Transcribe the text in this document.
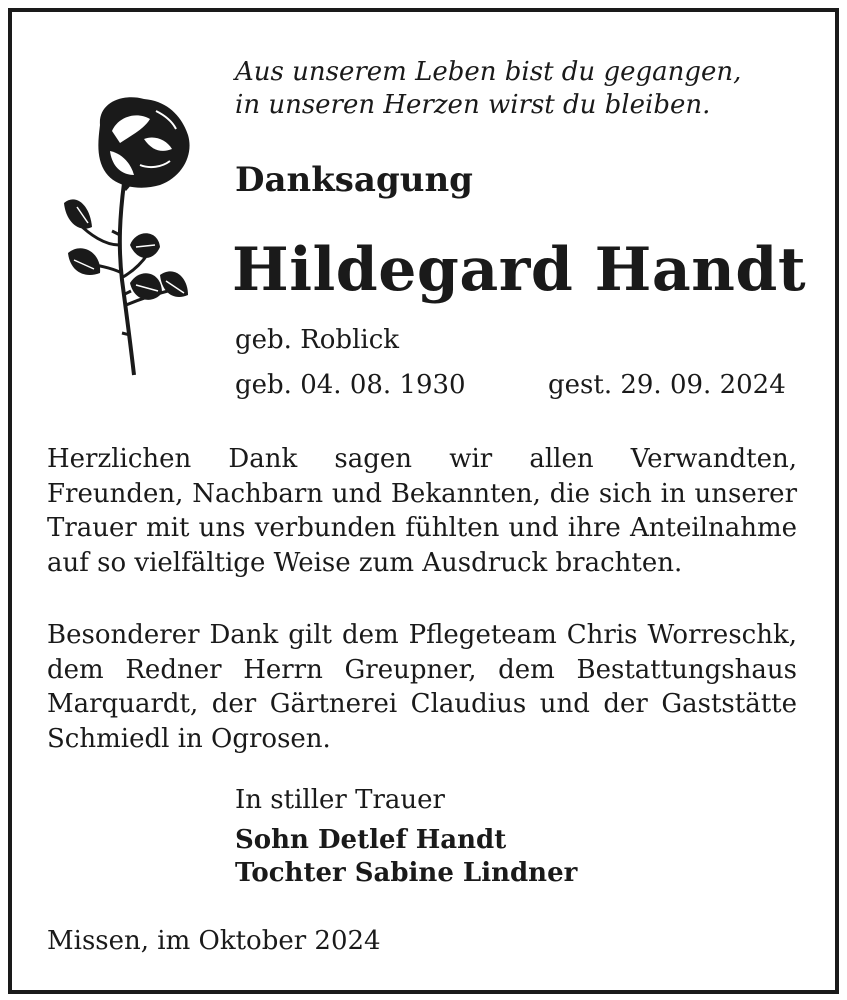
Aus unserem Leben bist du gegangen,
in unseren Herzen wirst du bleiben.
Danksagung
Hildegard Handt
geb. Roblick
geb. 04. 08. 1930	gest. 29. 09. 2024
Herzlichen Dank sagen wir allen Verwandten, Freunden, Nachbarn und Bekannten, die sich in unserer Trauer mit uns verbunden fühlten und ihre Anteilnahme auf so vielfältige Weise zum Ausdruck brachten.
Besonderer Dank gilt dem Pflegeteam Chris Worreschk, dem Redner Herrn Greupner, dem Bestattungshaus Marquardt, der Gärtnerei Claudius und der Gaststätte Schmiedl in Ogrosen.
In stiller Trauer
Sohn Detlef Handt
Tochter Sabine Lindner
Missen, im Oktober 2024
